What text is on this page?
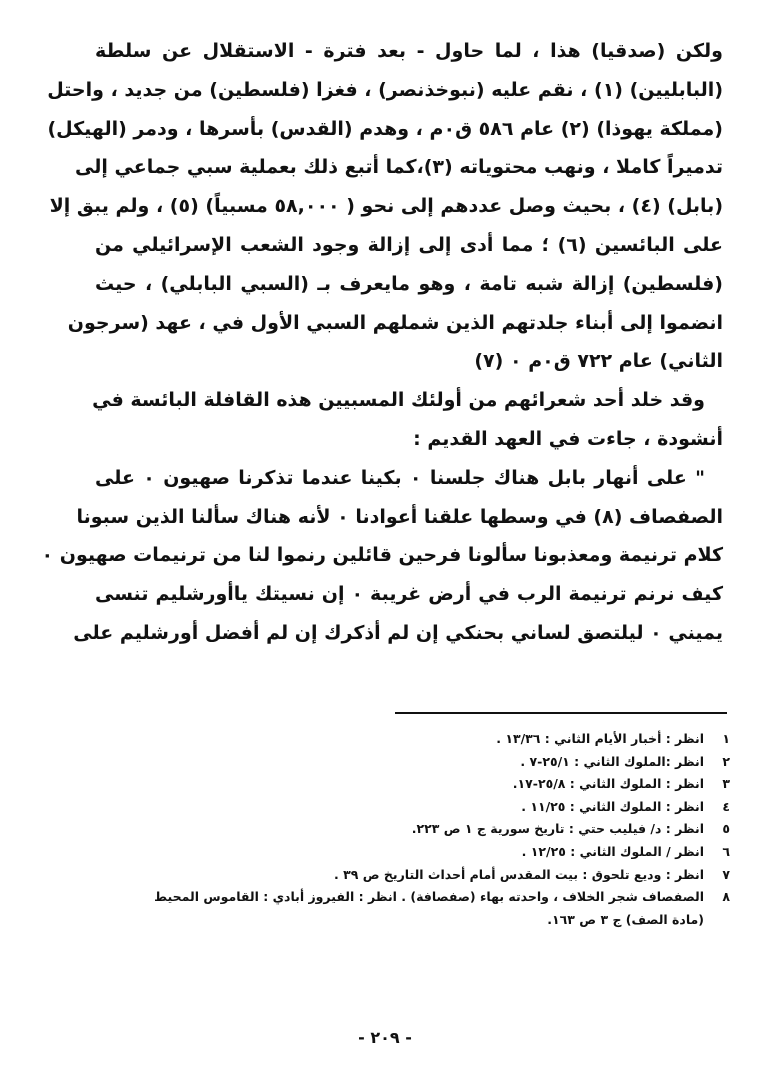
ولكن (صدقيا) هذا ، لما حاول - بعد فترة - الاستقلال عن سلطة
(البابليين) (١) ، نقم عليه (نبوخذنصر) ، فغزا (فلسطين) من جديد ، واحتل
(مملكة يهوذا) (٢) عام ٥٨٦ ق٠م ، وهدم (القدس) بأسرها ، ودمر (الهيكل)
تدميراً كاملا ، ونهب محتوياته (٣)،كما أتبع ذلك بعملية سبي جماعي إلى
(بابل) (٤) ، بحيث وصل عددهم إلى نحو ( ٥٨,٠٠٠ مسبياً) (٥) ، ولم يبق إلا
على البائسين (٦) ؛ مما أدى إلى إزالة وجود الشعب الإسرائيلي من
(فلسطين) إزالة شبه تامة ، وهو مايعرف بـ (السبي البابلي) ، حيث
انضموا إلى أبناء جلدتهم الذين شملهم السبي الأول في ، عهد (سرجون
الثاني) عام ٧٢٢ ق٠م ٠ (٧)
وقد خلد أحد شعرائهم من أولئك المسبيين هذه القافلة البائسة في
أنشودة ، جاءت في العهد القديم :
" على أنهار بابل هناك جلسنا ٠ بكينا عندما تذكرنا صهيون ٠ على
الصفصاف (٨) في وسطها علقنا أعوادنا ٠ لأنه هناك سألنا الذين سبونا
كلام ترنيمة ومعذبونا سألونا فرحين قائلين رنموا لنا من ترنيمات صهيون ٠
كيف نرنم ترنيمة الرب في أرض غريبة ٠ إن نسيتك ياأورشليم تنسى
يميني ٠ ليلتصق لساني بحنكي إن لم أذكرك إن لم أفضل أورشليم على
١
انظر : أخبار الأيام الثاني : ١٣/٣٦ .
٢
انظر :الملوك الثاني : ٢٥/١-٧ .
٣
انظر : الملوك الثاني : ٢٥/٨-١٧.
٤
انظر : الملوك الثاني : ١١/٢٥ .
٥
انظر : د/ فيليب حتي : تاريخ سورية ج ١ ص ٢٢٣.
٦
انظر / الملوك الثاني : ١٢/٢٥ .
٧
انظر : وديع تلحوق : بيت المقدس أمام أحداث التاريخ ص ٣٩ .
٨
الصفصاف شجر الخلاف ، واحدته بهاء (صفصافة) . انظر : الفيروز أبادي : القاموس المحيط
(مادة الصف) ج ٣ ص ١٦٣.
- ٢٠٩ -
